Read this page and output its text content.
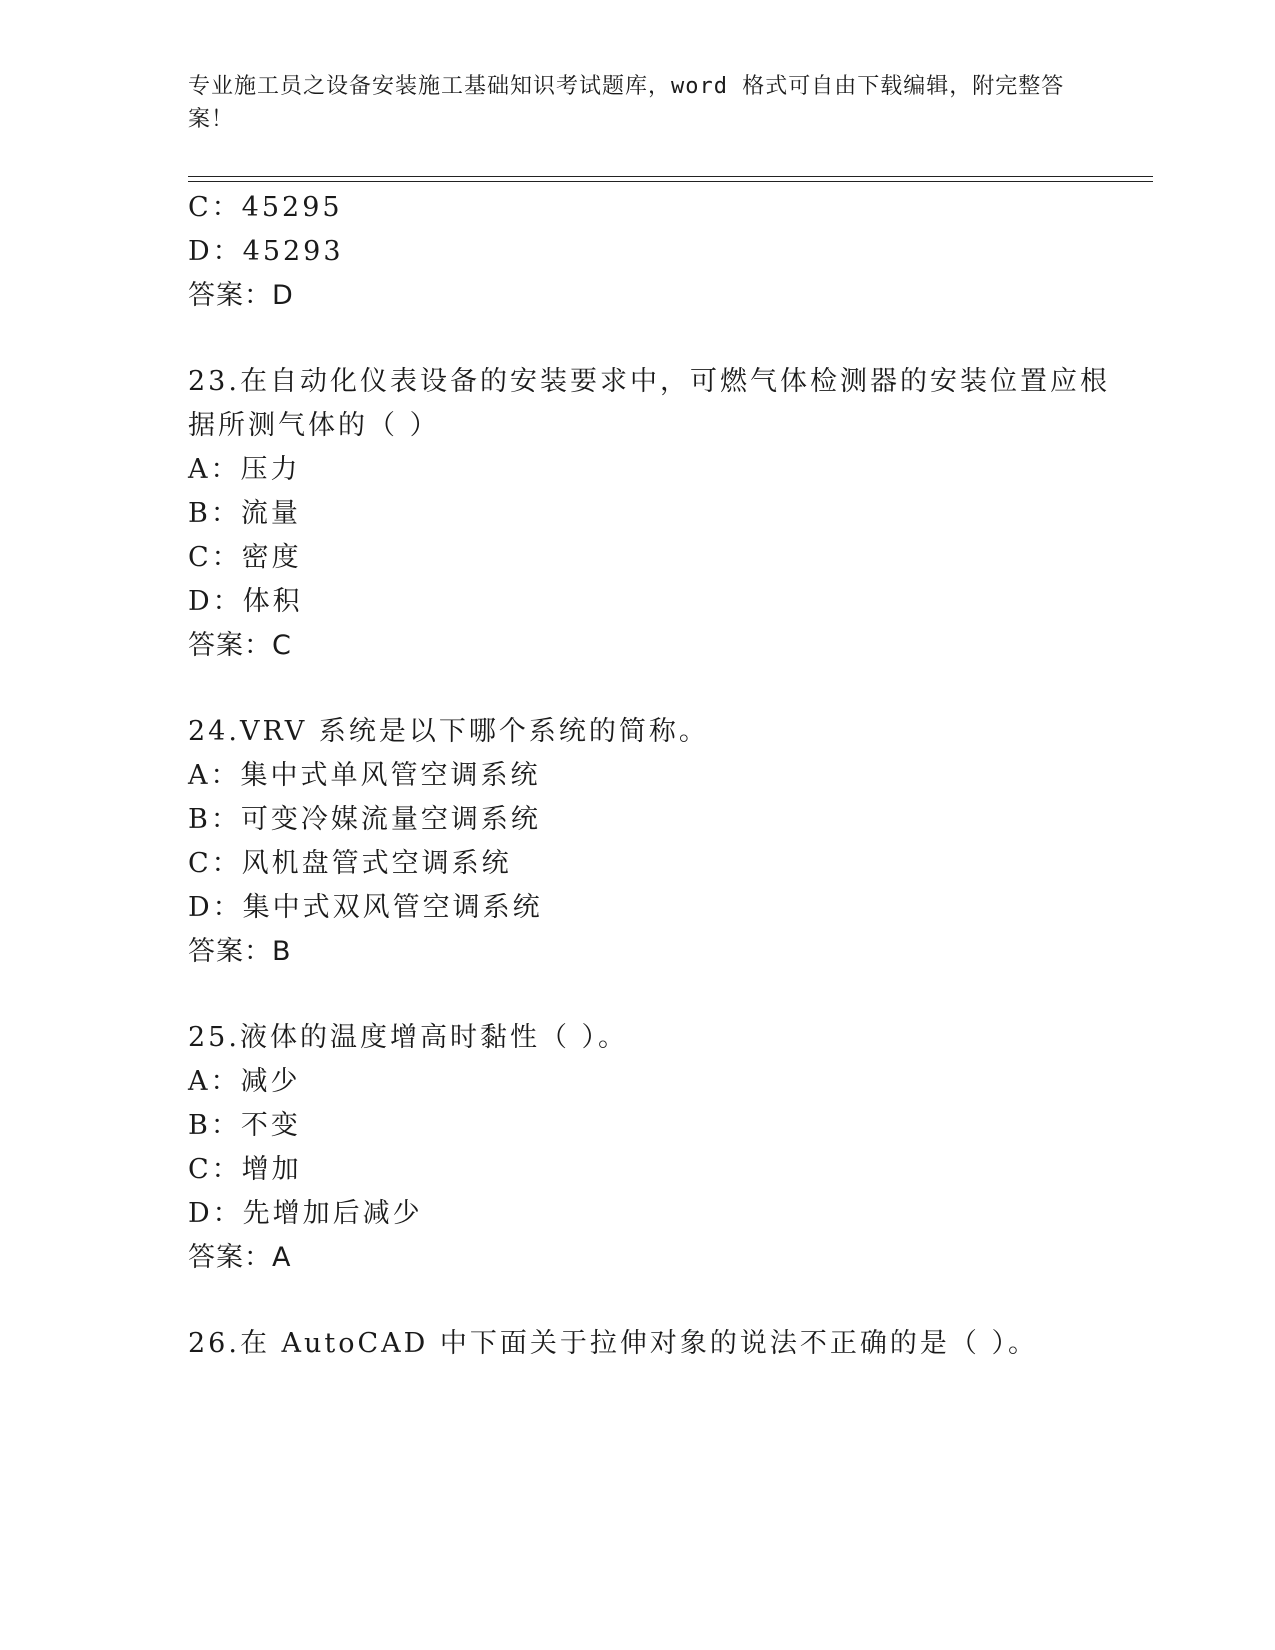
专业施工员之设备安装施工基础知识考试题库，word 格式可自由下载编辑，附完整答案！
C：45295
D：45293
答案：D
23.在自动化仪表设备的安装要求中，可燃气体检测器的安装位置应根
据所测气体的（ ）
A：压力
B：流量
C：密度
D：体积
答案：C
24.VRV 系统是以下哪个系统的简称。
A：集中式单风管空调系统
B：可变冷媒流量空调系统
C：风机盘管式空调系统
D：集中式双风管空调系统
答案：B
25.液体的温度增高时黏性（ ）。
A：减少
B：不变
C：增加
D：先增加后减少
答案：A
26.在 AutoCAD 中下面关于拉伸对象的说法不正确的是（ ）。
